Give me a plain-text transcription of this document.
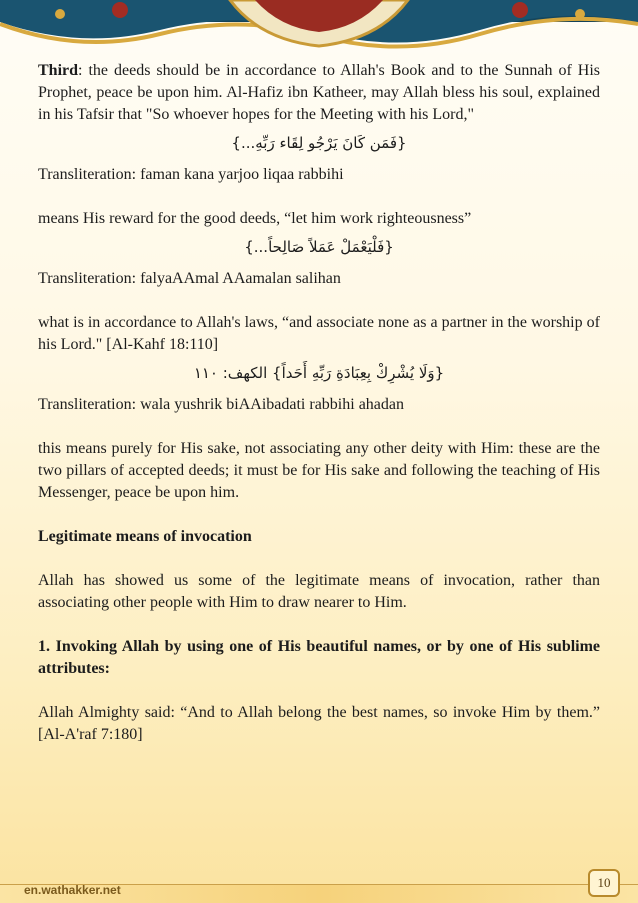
Third: the deeds should be in accordance to Allah's Book and to the Sunnah of His Prophet, peace be upon him. Al-Hafiz ibn Katheer, may Allah bless his soul, explained in his Tafsir that "So whoever hopes for the Meeting with his Lord,"

{فَمَن كَانَ يَرْجُو لِقَاء رَبِّهِ...}

Transliteration: faman kana yarjoo liqaa rabbihi

means His reward for the good deeds, “let him work righteousness”

{فَلْيَعْمَلْ عَمَلاً صَالِحاً...}

Transliteration: falyaAAmal AAamalan salihan

what is in accordance to Allah's laws, “and associate none as a partner in the worship of his Lord." [Al-Kahf 18:110]

{وَلَا يُشْرِكْ بِعِبَادَةِ رَبِّهِ أَحَداً} الكهف: ١١٠

Transliteration: wala yushrik biAAibadati rabbihi ahadan

this means purely for His sake, not associating any other deity with Him: these are the two pillars of accepted deeds; it must be for His sake and following the teaching of His Messenger, peace be upon him.

Legitimate means of invocation

Allah has showed us some of the legitimate means of invocation, rather than associating other people with Him to draw nearer to Him.

1. Invoking Allah by using one of His beautiful names, or by one of His sublime attributes:

Allah Almighty said: “And to Allah belong the best names, so invoke Him by them.” [Al-A'raf 7:180]

en.wathakker.net	10
